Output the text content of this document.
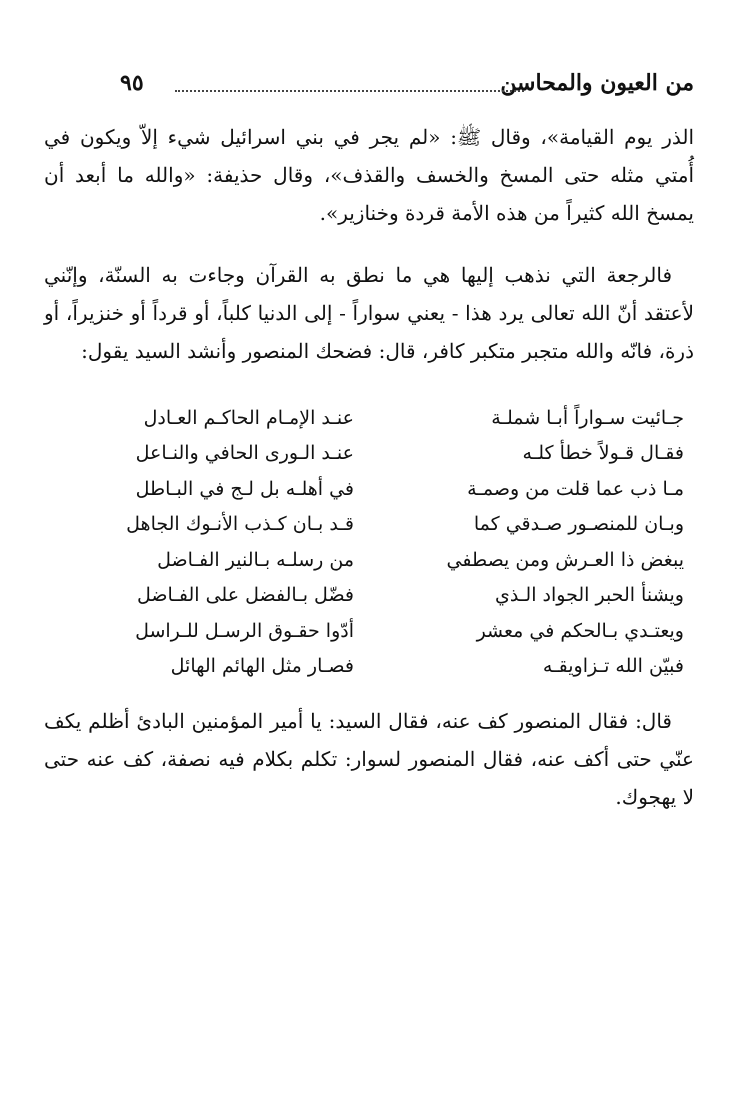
من العيون والمحاسن
٩٥

الذر يوم القيامة»، وقال ﷺ: «لم يجر في بني اسرائيل شيء إلاّ ويكون في أُمتي مثله حتى المسخ والخسف والقذف»، وقال حذيفة: «والله ما أبعد أن يمسخ الله كثيراً من هذه الأمة قردة وخنازير».

فالرجعة التي نذهب إليها هي ما نطق به القرآن وجاءت به السنّة، وإنّني لأعتقد أنّ الله تعالى يرد هذا - يعني سواراً - إلى الدنيا كلباً، أو قرداً أو خنزيراً، أو ذرة، فانّه والله متجبر متكبر كافر، قال: فضحك المنصور وأنشد السيد يقول:

جـائيت سـواراً أبـا شملـة
عنـد الإمـام الحاكـم العـادل
فقـال قـولاً خطأ كلـه
عنـد الـورى الحافي والنـاعل
مـا ذب عما قلت من وصمـة
في أهلـه بل لـج في البـاطل
وبـان للمنصـور صـدقي كما
قـد بـان كـذب الأنـوك الجاهل
يبغض ذا العـرش ومن يصطفي
من رسلـه بـالنير الفـاضل
ويشنأ الحبر الجواد الـذي
فضّل بـالفضل على الفـاضل
ويعتـدي بـالحكم في معشر
أدّوا حقـوق الرسـل للـراسل
فبيّن الله تـزاويقـه
فصـار مثل الهائم الهائل

قال: فقال المنصور كف عنه، فقال السيد: يا أمير المؤمنين البادئ أظلم يكف عنّي حتى أكف عنه، فقال المنصور لسوار: تكلم بكلام فيه نصفة، كف عنه حتى لا يهجوك.
